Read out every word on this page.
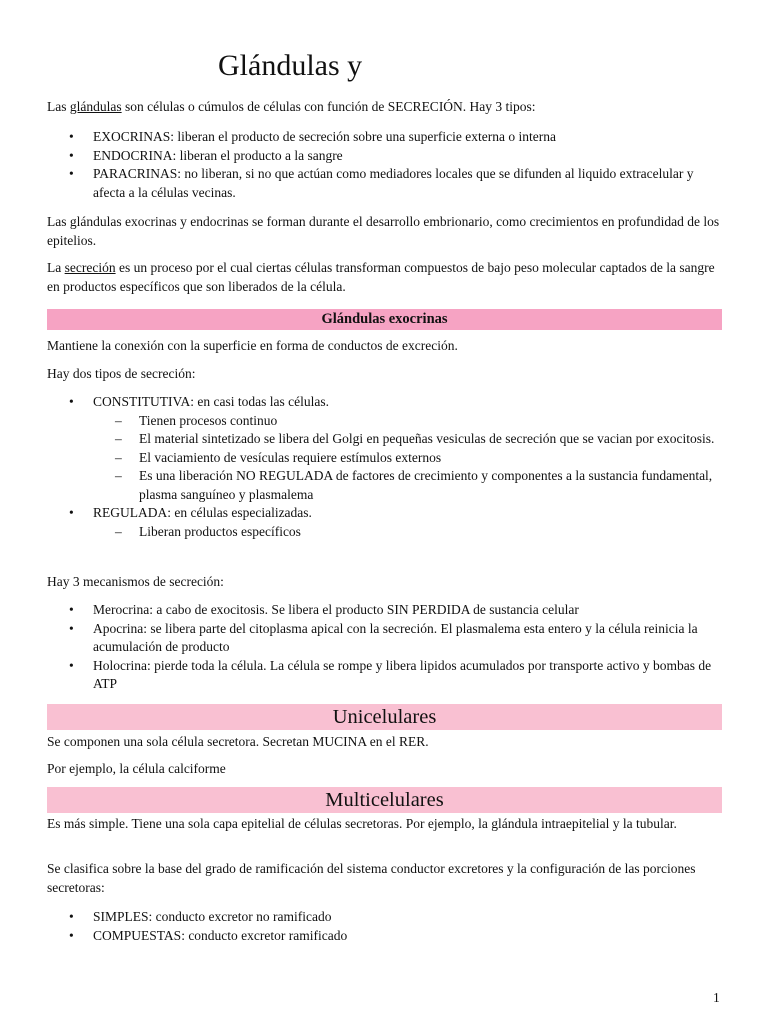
Glándulas y

Las glándulas son células o cúmulos de células con función de SECRECIÓN. Hay 3 tipos:

• EXOCRINAS: liberan el producto de secreción sobre una superficie externa o interna
• ENDOCRINA: liberan el producto a la sangre
• PARACRINAS: no liberan, si no que actúan como mediadores locales que se difunden al liquido extracelular y afecta a la células vecinas.

Las glándulas exocrinas y endocrinas se forman durante el desarrollo embrionario, como crecimientos en profundidad de los epitelios.

La secreción es un proceso por el cual ciertas células transforman compuestos de bajo peso molecular captados de la sangre en productos específicos que son liberados de la célula.

Glándulas exocrinas

Mantiene la conexión con la superficie en forma de conductos de excreción.

Hay dos tipos de secreción:

• CONSTITUTIVA: en casi todas las células.
– Tienen procesos continuo
– El material sintetizado se libera del Golgi en pequeñas vesiculas de secreción que se vacian por exocitosis.
– El vaciamiento de vesículas requiere estímulos externos
– Es una liberación NO REGULADA de factores de crecimiento y componentes a la sustancia fundamental, plasma sanguíneo y plasmalema
• REGULADA: en células especializadas.
– Liberan productos específicos

Hay 3 mecanismos de secreción:

• Merocrina: a cabo de exocitosis. Se libera el producto SIN PERDIDA de sustancia celular
• Apocrina: se libera parte del citoplasma apical con la secreción. El plasmalema esta entero y la célula reinicia la acumulación de producto
• Holocrina: pierde toda la célula. La célula se rompe y libera lipidos acumulados por transporte activo y bombas de ATP
Unicelulares

Se componen una sola célula secretora. Secretan MUCINA en el RER.

Por ejemplo, la célula calciforme

Multicelulares

Es más simple. Tiene una sola capa epitelial de células secretoras. Por ejemplo, la glándula intraepitelial y la tubular.

Se clasifica sobre la base del grado de ramificación del sistema conductor excretores y la configuración de las porciones secretoras:

• SIMPLES: conducto excretor no ramificado
• COMPUESTAS: conducto excretor ramificado
1
